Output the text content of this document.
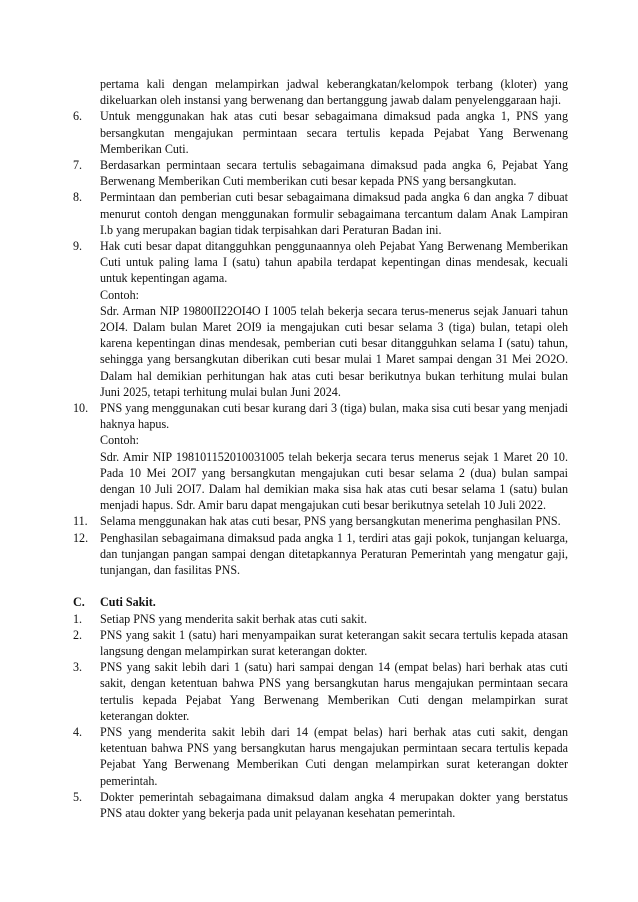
pertama kali dengan melampirkan jadwal keberangkatan/kelompok terbang (kloter) yang dikeluarkan oleh instansi yang berwenang dan bertanggung jawab dalam penyelenggaraan haji.

6.	Untuk menggunakan hak atas cuti besar sebagaimana dimaksud pada angka 1, PNS yang bersangkutan mengajukan permintaan secara tertulis kepada Pejabat Yang Berwenang Memberikan Cuti.

7.	Berdasarkan permintaan secara tertulis sebagaimana dimaksud pada angka 6, Pejabat Yang Berwenang Memberikan Cuti memberikan cuti besar kepada PNS yang bersangkutan.

8.	Permintaan dan pemberian cuti besar sebagaimana dimaksud pada angka 6 dan angka 7 dibuat menurut contoh dengan menggunakan formulir sebagaimana tercantum dalam Anak Lampiran I.b yang merupakan bagian tidak terpisahkan dari Peraturan Badan ini.

9.	Hak cuti besar dapat ditangguhkan penggunaannya oleh Pejabat Yang Berwenang Memberikan Cuti untuk paling lama I (satu) tahun apabila terdapat kepentingan dinas mendesak, kecuali untuk kepentingan agama.

Contoh:

Sdr. Arman NIP 19800II22OI4O I 1005 telah bekerja secara terus-menerus sejak Januari tahun 2OI4. Dalam bulan Maret 2OI9 ia mengajukan cuti besar selama 3 (tiga) bulan, tetapi oleh karena kepentingan dinas mendesak, pemberian cuti besar ditangguhkan selama I (satu) tahun, sehingga yang bersangkutan diberikan cuti besar mulai 1 Maret sampai dengan 31 Mei 2O2O. Dalam hal demikian perhitungan hak atas cuti besar berikutnya bukan terhitung mulai bulan Juni 2025, tetapi terhitung mulai bulan Juni 2024.

10. PNS yang menggunakan cuti besar kurang dari 3 (tiga) bulan, maka sisa cuti besar yang menjadi haknya hapus.

Contoh:

Sdr. Amir NIP 198101152010031005 telah bekerja secara terus menerus sejak 1 Maret 20 10. Pada 10 Mei 2OI7 yang bersangkutan mengajukan cuti besar selama 2 (dua) bulan sampai dengan 10 Juli 2OI7. Dalam hal demikian maka sisa hak atas cuti besar selama 1 (satu) bulan menjadi hapus. Sdr. Amir baru dapat mengajukan cuti besar berikutnya setelah 10 Juli 2022.

11.	Selama menggunakan hak atas cuti besar, PNS yang bersangkutan menerima penghasilan PNS.

12. Penghasilan sebagaimana dimaksud pada angka 1 1, terdiri atas gaji pokok, tunjangan keluarga, dan tunjangan pangan sampai dengan ditetapkannya Peraturan Pemerintah yang mengatur gaji, tunjangan, dan fasilitas PNS.

C.	Cuti Sakit.
1.	Setiap PNS yang menderita sakit berhak atas cuti sakit.

2.	PNS yang sakit 1 (satu) hari menyampaikan surat keterangan sakit secara tertulis kepada atasan langsung dengan melampirkan surat keterangan dokter.

3.	PNS yang sakit lebih dari 1 (satu) hari sampai dengan 14 (empat belas) hari berhak atas cuti sakit, dengan ketentuan bahwa PNS yang bersangkutan harus mengajukan permintaan secara tertulis kepada Pejabat Yang Berwenang Memberikan Cuti dengan melampirkan surat keterangan dokter.

4.	PNS yang menderita sakit lebih dari 14 (empat belas) hari berhak atas cuti sakit, dengan ketentuan bahwa PNS yang bersangkutan harus mengajukan permintaan secara tertulis kepada Pejabat Yang Berwenang Memberikan Cuti dengan melampirkan surat keterangan dokter pemerintah.

5.	Dokter pemerintah sebagaimana dimaksud dalam angka 4 merupakan dokter yang berstatus PNS atau dokter yang bekerja pada unit pelayanan kesehatan pemerintah.
